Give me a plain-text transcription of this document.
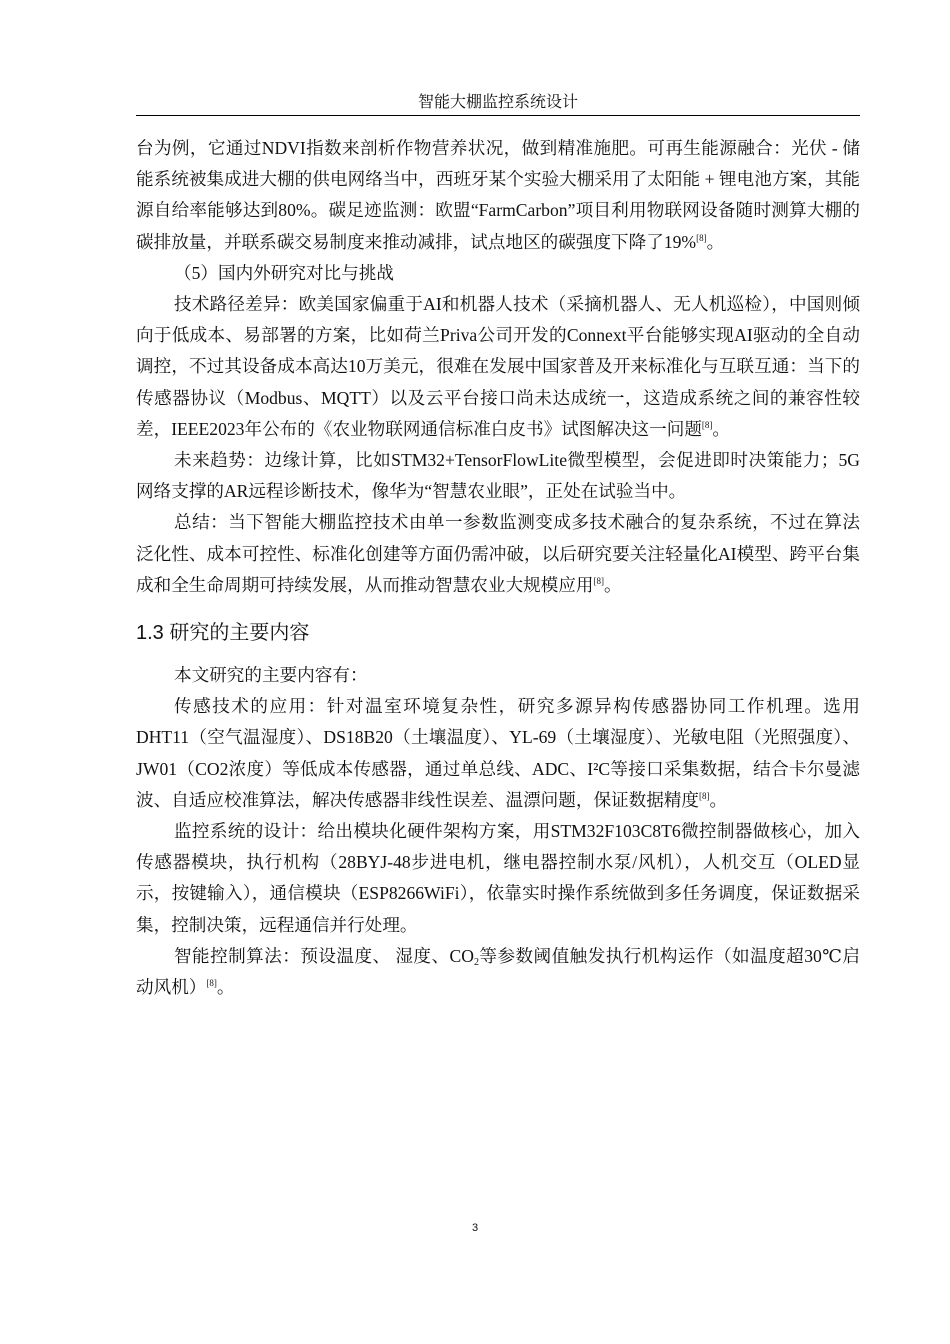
智能大棚监控系统设计

台为例，它通过NDVI指数来剖析作物营养状况，做到精准施肥。可再生能源融合：光伏 - 储能系统被集成进大棚的供电网络当中，西班牙某个实验大棚采用了太阳能 + 锂电池方案，其能源自给率能够达到80%。碳足迹监测：欧盟“FarmCarbon”项目利用物联网设备随时测算大棚的碳排放量，并联系碳交易制度来推动减排，试点地区的碳强度下降了19%[8]。

（5）国内外研究对比与挑战

技术路径差异：欧美国家偏重于AI和机器人技术（采摘机器人、无人机巡检），中国则倾向于低成本、易部署的方案，比如荷兰Priva公司开发的Connext平台能够实现AI驱动的全自动调控，不过其设备成本高达10万美元，很难在发展中国家普及开来标准化与互联互通：当下的传感器协议（Modbus、MQTT）以及云平台接口尚未达成统一，这造成系统之间的兼容性较差，IEEE2023年公布的《农业物联网通信标准白皮书》试图解决这一问题[8]。

未来趋势：边缘计算，比如STM32+TensorFlowLite微型模型，会促进即时决策能力；5G网络支撑的AR远程诊断技术，像华为“智慧农业眼”，正处在试验当中。

总结：当下智能大棚监控技术由单一参数监测变成多技术融合的复杂系统，不过在算法泛化性、成本可控性、标准化创建等方面仍需冲破，以后研究要关注轻量化AI模型、跨平台集成和全生命周期可持续发展，从而推动智慧农业大规模应用[8]。

1.3 研究的主要内容

本文研究的主要内容有：

传感技术的应用：针对温室环境复杂性，研究多源异构传感器协同工作机理。选用DHT11（空气温湿度）、DS18B20（土壤温度）、YL-69（土壤湿度）、光敏电阻（光照强度）、JW01（CO2浓度）等低成本传感器，通过单总线、ADC、I²C等接口采集数据，结合卡尔曼滤波、自适应校准算法，解决传感器非线性误差、温漂问题，保证数据精度[8]。

监控系统的设计：给出模块化硬件架构方案，用STM32F103C8T6微控制器做核心，加入传感器模块，执行机构（28BYJ-48步进电机，继电器控制水泵/风机），人机交互（OLED显示，按键输入），通信模块（ESP8266WiFi），依靠实时操作系统做到多任务调度，保证数据采集，控制决策，远程通信并行处理。

智能控制算法：预设温度、 湿度、$CO_2$等参数阈值触发执行机构运作（如温度超30℃启动风机）[8]。

3
